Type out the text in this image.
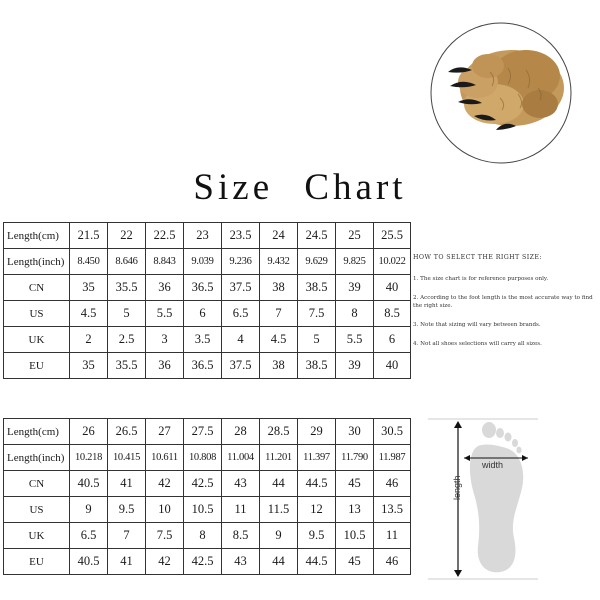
Size Chart
Length(cm)	21.5	22	22.5	23	23.5	24	24.5	25	25.5
Length(inch)	8.450	8.646	8.843	9.039	9.236	9.432	9.629	9.825	10.022
CN	35	35.5	36	36.5	37.5	38	38.5	39	40
US	4.5	5	5.5	6	6.5	7	7.5	8	8.5
UK	2	2.5	3	3.5	4	4.5	5	5.5	6
EU	35	35.5	36	36.5	37.5	38	38.5	39	40
HOW TO SELECT THE RIGHT SIZE:
1. The size chart is for reference purposes only.
2. According to the foot length is the most accurate way to find the right size.
3. Note that sizing will vary between brands.
4. Not all shoes selections will carry all sizes.
Length(cm)	26	26.5	27	27.5	28	28.5	29	30	30.5
Length(inch)	10.218	10.415	10.611	10.808	11.004	11.201	11.397	11.790	11.987
CN	40.5	41	42	42.5	43	44	44.5	45	46
US	9	9.5	10	10.5	11	11.5	12	13	13.5
UK	6.5	7	7.5	8	8.5	9	9.5	10.5	11
EU	40.5	41	42	42.5	43	44	44.5	45	46
width
length
